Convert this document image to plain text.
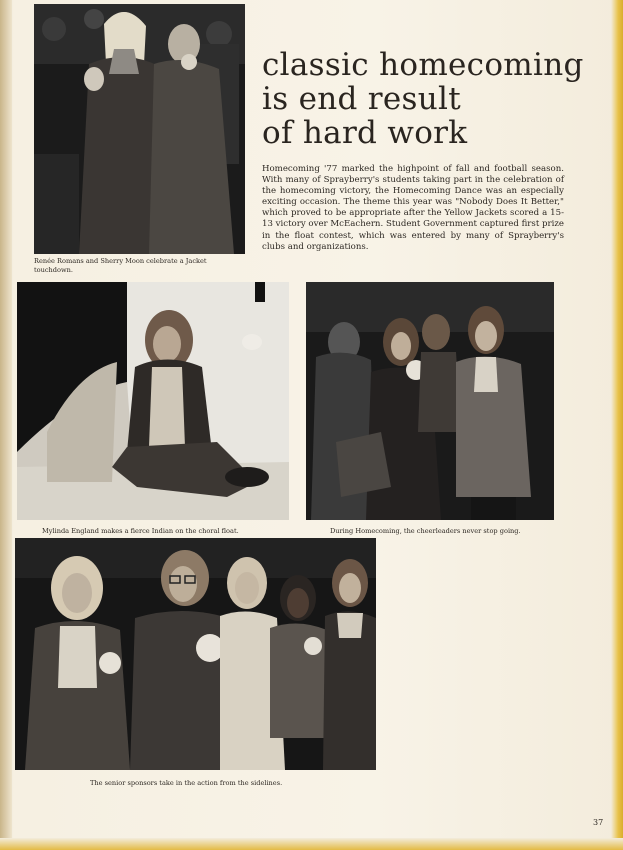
Renée Romans and Sherry Moon celebrate a Jacket touchdown.

classic homecoming
is end result
of hard work

Homecoming '77 marked the highpoint of fall and football season. With many of Sprayberry's students taking part in the celebration of the homecoming victory, the Homecoming Dance was an especially exciting occasion. The theme this year was "Nobody Does It Better," which proved to be appropriate after the Yellow Jackets scored a 15-13 victory over McEachern. Student Government captured first prize in the float contest, which was entered by many of Sprayberry's clubs and organizations.

Mylinda England makes a fierce Indian on the choral float.	During Homecoming, the cheerleaders never stop going.

The senior sponsors take in the action from the sidelines.

37
